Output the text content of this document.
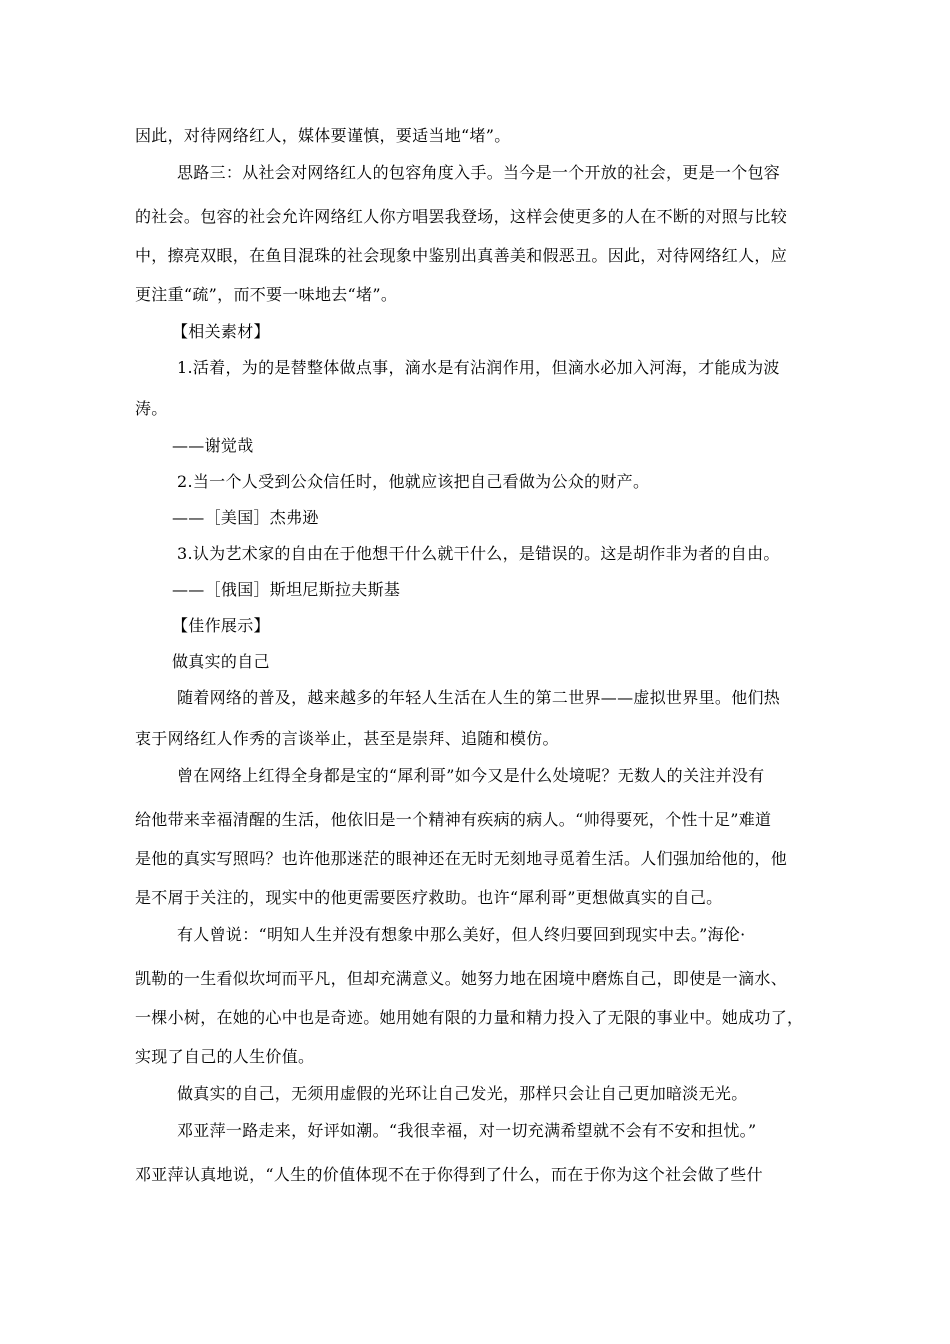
因此，对待网络红人，媒体要谨慎，要适当地“堵”。
思路三：从社会对网络红人的包容角度入手。当今是一个开放的社会，更是一个包容
的社会。包容的社会允许网络红人你方唱罢我登场，这样会使更多的人在不断的对照与比较
中，擦亮双眼，在鱼目混珠的社会现象中鉴别出真善美和假恶丑。因此，对待网络红人，应
更注重“疏”，而不要一味地去“堵”。
【相关素材】
1.活着，为的是替整体做点事，滴水是有沾润作用，但滴水必加入河海，才能成为波
涛。
——谢觉哉
2.当一个人受到公众信任时，他就应该把自己看做为公众的财产。
——［美国］杰弗逊
3.认为艺术家的自由在于他想干什么就干什么，是错误的。这是胡作非为者的自由。
——［俄国］斯坦尼斯拉夫斯基
【佳作展示】
做真实的自己
随着网络的普及，越来越多的年轻人生活在人生的第二世界——虚拟世界里。他们热
衷于网络红人作秀的言谈举止，甚至是崇拜、追随和模仿。
曾在网络上红得全身都是宝的“犀利哥”如今又是什么处境呢？无数人的关注并没有
给他带来幸福清醒的生活，他依旧是一个精神有疾病的病人。“帅得要死，个性十足”难道
是他的真实写照吗？也许他那迷茫的眼神还在无时无刻地寻觅着生活。人们强加给他的，他
是不屑于关注的，现实中的他更需要医疗救助。也许“犀利哥”更想做真实的自己。
有人曾说：“明知人生并没有想象中那么美好，但人终归要回到现实中去。”海伦·
凯勒的一生看似坎坷而平凡，但却充满意义。她努力地在困境中磨炼自己，即使是一滴水、
一棵小树，在她的心中也是奇迹。她用她有限的力量和精力投入了无限的事业中。她成功了，
实现了自己的人生价值。
做真实的自己，无须用虚假的光环让自己发光，那样只会让自己更加暗淡无光。
邓亚萍一路走来，好评如潮。“我很幸福，对一切充满希望就不会有不安和担忧。”
邓亚萍认真地说，“人生的价值体现不在于你得到了什么，而在于你为这个社会做了些什
